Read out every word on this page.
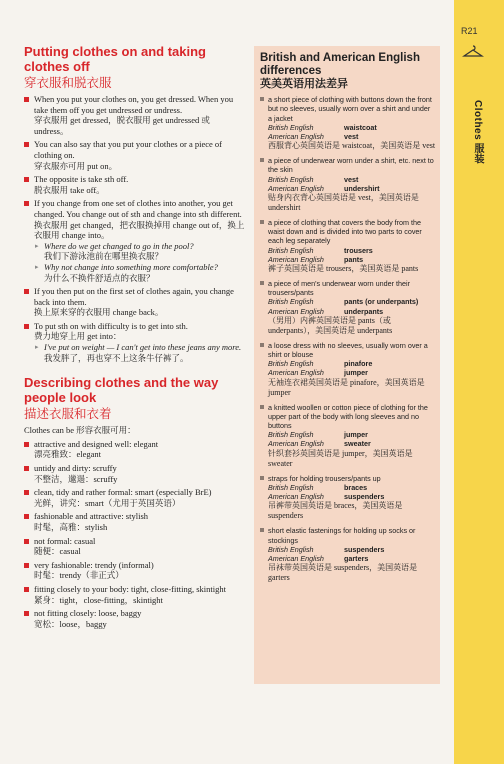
R21
Clothes 服装
Putting clothes on and taking clothes off
穿衣服和脱衣服
When you put your clothes on, you get dressed. When you take them off you get undressed or undress.
穿衣服用 get dressed，脱衣服用 get undressed 或 undress。
You can also say that you put your clothes or a piece of clothing on.
穿衣服亦可用 put on。
The opposite is take sth off.
脱衣服用 take off。
If you change from one set of clothes into another, you get changed. You change out of sth and change into sth different.
换衣服用 get changed，把衣服换掉用 change out of，换上衣服用 change into。
▸ Where do we get changed to go in the pool?
我们下游泳池前在哪里换衣服？
▸ Why not change into something more comfortable?
为什么不换件舒适点的衣服？
If you then put on the first set of clothes again, you change back into them.
换上原来穿的衣服用 change back。
To put sth on with difficulty is to get into sth.
费力地穿上用 get into：
▸ I've put on weight — I can't get into these jeans any more.
我发胖了，再也穿不上这条牛仔裤了。
Describing clothes and the way people look
描述衣服和衣着
Clothes can be 形容衣服可用：
attractive and designed well: elegant
漂亮雅致：elegant
untidy and dirty: scruffy
不整洁，邋遢：scruffy
clean, tidy and rather formal: smart (especially BrE)
光鲜，讲究：smart（尤用于英国英语）
fashionable and attractive: stylish
时髦，高雅：stylish
not formal: casual
随便：casual
very fashionable: trendy (informal)
时髦：trendy（非正式）
fitting closely to your body: tight, close-fitting, skintight
紧身：tight，close-fitting，skintight
not fitting closely: loose, baggy
宽松：loose，baggy
British and American English differences
英美英语用法差异
a short piece of clothing with buttons down the front but no sleeves, usually worn over a shirt and under a jacket
British English	waistcoat
American English	vest
西服背心英国英语是 waistcoat，美国英语是 vest
a piece of underwear worn under a shirt, etc. next to the skin
British English	vest
American English	undershirt
贴身内衣背心英国英语是 vest，美国英语是 undershirt
a piece of clothing that covers the body from the waist down and is divided into two parts to cover each leg separately
British English	trousers
American English	pants
裤子英国英语是 trousers，美国英语是 pants
a piece of men's underwear worn under their trousers/pants
British English	pants (or underpants)
American English	underpants
（男用）内裤英国英语是 pants（或 underpants），美国英语是 underpants
a loose dress with no sleeves, usually worn over a shirt or blouse
British English	pinafore
American English	jumper
无袖连衣裙英国英语是 pinafore，美国英语是 jumper
a knitted woollen or cotton piece of clothing for the upper part of the body with long sleeves and no buttons
British English	jumper
American English	sweater
针织套衫英国英语是 jumper，美国英语是 sweater
straps for holding trousers/pants up
British English	braces
American English	suspenders
吊裤带英国英语是 braces，美国英语是 suspenders
short elastic fastenings for holding up socks or stockings
British English	suspenders
American English	garters
吊袜带英国英语是 suspenders，美国英语是 garters
